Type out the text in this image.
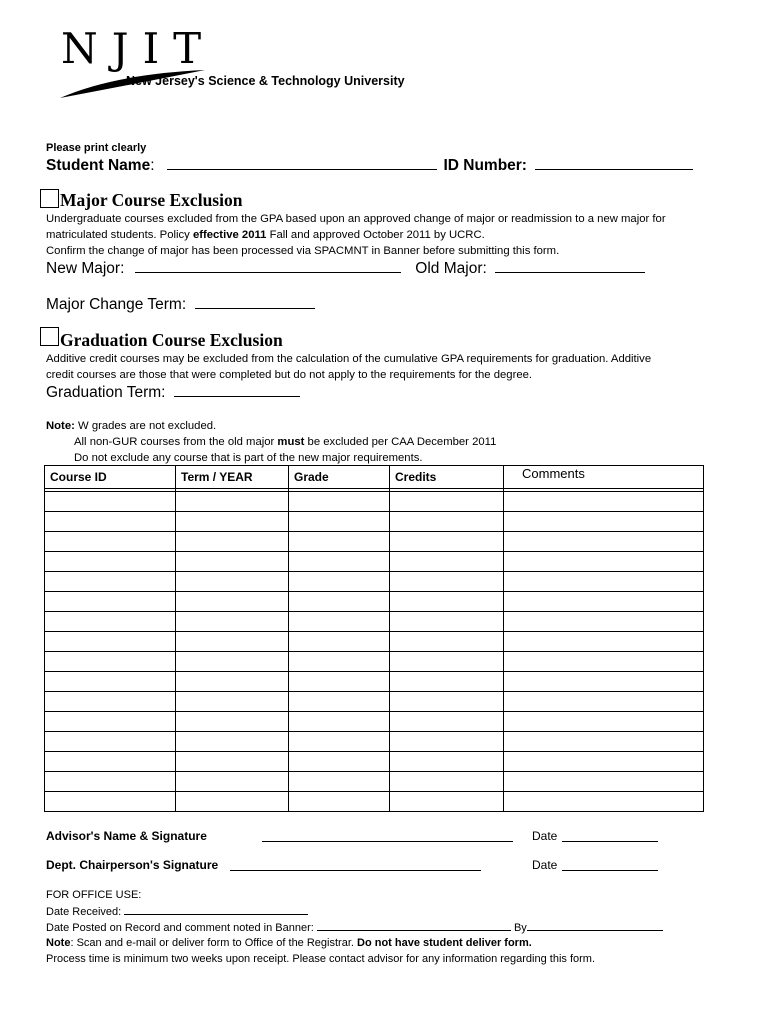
NJIT
New Jersey's Science & Technology University
Please print clearly
Student Name:	ID Number:
Major Course Exclusion
Undergraduate courses excluded from the GPA based upon an approved change of major or readmission to a new major for
matriculated students. Policy effective 2011 Fall and approved October 2011 by UCRC.
Confirm the change of major has been processed via SPACMNT in Banner before submitting this form.
New Major:	Old Major:
Major Change Term:
Graduation Course Exclusion
Additive credit courses may be excluded from the calculation of the cumulative GPA requirements for graduation. Additive
credit courses are those that were completed but do not apply to the requirements for the degree.
Graduation Term:
Note: W grades are not excluded.
All non-GUR courses from the old major must be excluded per CAA December 2011
Do not exclude any course that is part of the new major requirements.
Course ID	Term / YEAR	Grade	Credits	Comments

Advisor's Name & Signature	Date
Dept. Chairperson's Signature	Date
FOR OFFICE USE:
Date Received:
Date Posted on Record and comment noted in Banner:	By
Note: Scan and e-mail or deliver form to Office of the Registrar. Do not have student deliver form.
Process time is minimum two weeks upon receipt. Please contact advisor for any information regarding this form.
